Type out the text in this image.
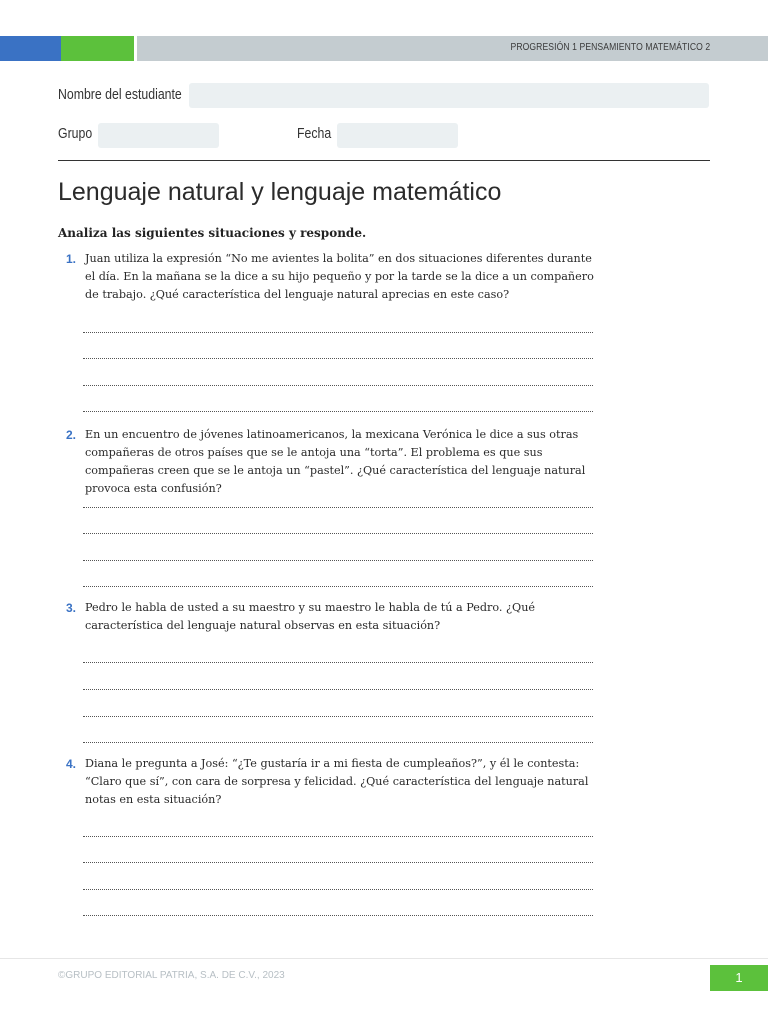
PROGRESIÓN 1 PENSAMIENTO MATEMÁTICO 2
Nombre del estudiante
Grupo	Fecha
Lenguaje natural y lenguaje matemático
Analiza las siguientes situaciones y responde.
1. Juan utiliza la expresión “No me avientes la bolita” en dos situaciones diferentes durante el día. En la mañana se la dice a su hijo pequeño y por la tarde se la dice a un compañero de trabajo. ¿Qué característica del lenguaje natural aprecias en este caso?
2. En un encuentro de jóvenes latinoamericanos, la mexicana Verónica le dice a sus otras compañeras de otros países que se le antoja una “torta”. El problema es que sus compañeras creen que se le antoja un “pastel”. ¿Qué característica del lenguaje natural provoca esta confusión?
3. Pedro le habla de usted a su maestro y su maestro le habla de tú a Pedro. ¿Qué característica del lenguaje natural observas en esta situación?
4. Diana le pregunta a José: “¿Te gustaría ir a mi fiesta de cumpleaños?”, y él le contesta: “Claro que sí”, con cara de sorpresa y felicidad. ¿Qué característica del lenguaje natural notas en esta situación?
©GRUPO EDITORIAL PATRIA, S.A. DE C.V., 2023	1
